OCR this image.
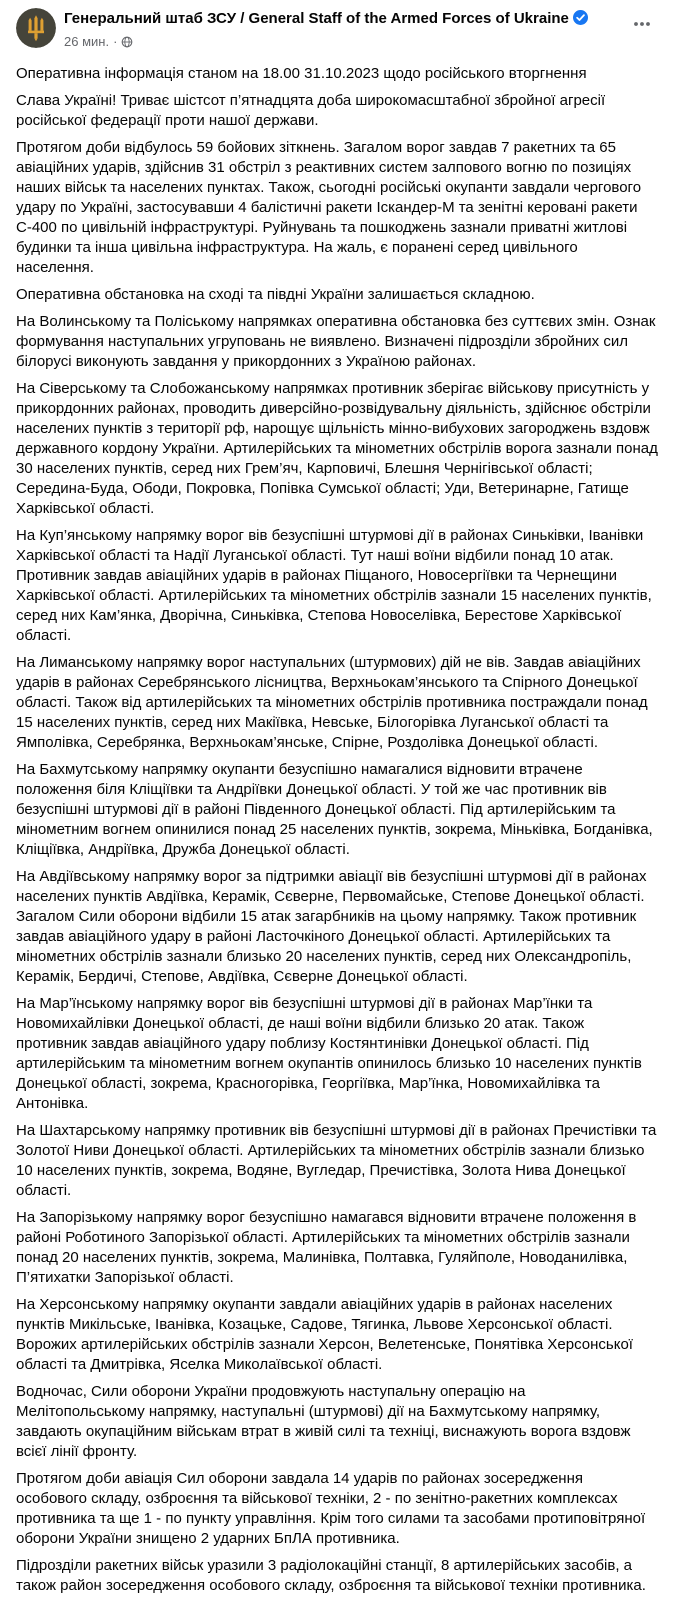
Генеральний штаб ЗСУ / General Staff of the Armed Forces of Ukraine
26 мин. ·

Оперативна інформація станом на 18.00 31.10.2023 щодо російського вторгнення

Слава Україні! Триває шістсот п’ятнадцята доба широкомасштабної збройної агресії російської федерації проти нашої держави.

Протягом доби відбулось 59 бойових зіткнень. Загалом ворог завдав 7 ракетних та 65 авіаційних ударів, здійснив 31 обстріл з реактивних систем залпового вогню по позиціях наших військ та населених пунктах. Також, сьогодні російські окупанти завдали чергового удару по Україні, застосувавши 4 балістичні ракети Іскандер-М та зенітні керовані ракети С-400 по цивільній інфраструктурі. Руйнувань та пошкоджень зазнали приватні житлові будинки та інша цивільна інфраструктура. На жаль, є поранені серед цивільного населення.

Оперативна обстановка на сході та півдні України залишається складною.

На Волинському та Поліському напрямках оперативна обстановка без суттєвих змін. Ознак формування наступальних угруповань не виявлено. Визначені підрозділи збройних сил білорусі виконують завдання у прикордонних з Україною районах.

На Сіверському та Слобожанському напрямках противник зберігає військову присутність у прикордонних районах, проводить диверсійно-розвідувальну діяльність, здійснює обстріли населених пунктів з території рф, нарощує щільність мінно-вибухових загороджень вздовж державного кордону України. Артилерійських та мінометних обстрілів ворога зазнали понад 30 населених пунктів, серед них Грем’яч, Карповичі, Блешня Чернігівської області; Середина-Буда, Ободи, Покровка, Попівка Сумської області; Уди, Ветеринарне, Гатище Харківської області.

На Куп’янському напрямку ворог вів безуспішні штурмові дії в районах Синьківки, Іванівки Харківської області та Надії Луганської області. Тут наші воїни відбили понад 10 атак. Противник завдав авіаційних ударів в районах Піщаного, Новосергіївки та Чернещини Харківської області. Артилерійських та мінометних обстрілів зазнали 15 населених пунктів, серед них Кам’янка, Дворічна, Синьківка, Степова Новоселівка, Берестове Харківської області.

На Лиманському напрямку ворог наступальних (штурмових) дій не вів. Завдав авіаційних ударів в районах Серебрянського лісництва, Верхньокам’янського та Спірного Донецької області. Також від артилерійських та мінометних обстрілів противника постраждали понад 15 населених пунктів, серед них Макіївка, Невське, Білогорівка Луганської області та Ямполівка, Серебрянка, Верхньокам’янське, Спірне, Роздолівка Донецької області.

На Бахмутському напрямку окупанти безуспішно намагалися відновити втрачене положення біля Кліщіївки та Андріївки Донецької області. У той же час противник вів безуспішні штурмові дії в районі Південного Донецької області. Під артилерійським та мінометним вогнем опинилися понад 25 населених пунктів, зокрема, Міньківка, Богданівка, Кліщіївка, Андріївка, Дружба Донецької області.

На Авдіївському напрямку ворог за підтримки авіації вів безуспішні штурмові дії в районах населених пунктів Авдіївка, Керамік, Сєверне, Первомайське, Степове Донецької області. Загалом Сили оборони відбили 15 атак загарбників на цьому напрямку. Також противник завдав авіаційного удару в районі Ласточкіного Донецької області. Артилерійських та мінометних обстрілів зазнали близько 20 населених пунктів, серед них Олександропіль, Керамік, Бердичі, Степове, Авдіївка, Сєверне Донецької області.

На Мар’їнському напрямку ворог вів безуспішні штурмові дії в районах Мар’їнки та Новомихайлівки Донецької області, де наші воїни відбили близько 20 атак. Також противник завдав авіаційного удару поблизу Костянтинівки Донецької області. Під артилерійським та мінометним вогнем окупантів опинилось близько 10 населених пунктів Донецької області, зокрема, Красногорівка, Георгіївка, Мар’їнка, Новомихайлівка та Антонівка.

На Шахтарському напрямку противник вів безуспішні штурмові дії в районах Пречистівки та Золотої Ниви Донецької області. Артилерійських та мінометних обстрілів зазнали близько 10 населених пунктів, зокрема, Водяне, Вугледар, Пречистівка, Золота Нива Донецької області.

На Запорізькому напрямку ворог безуспішно намагався відновити втрачене положення в районі Роботиного Запорізької області. Артилерійських та мінометних обстрілів зазнали понад 20 населених пунктів, зокрема, Малинівка, Полтавка, Гуляйполе, Новоданилівка, П’ятихатки Запорізької області.

На Херсонському напрямку окупанти завдали авіаційних ударів в районах населених пунктів Микільське, Іванівка, Козацьке, Садове, Тягинка, Львове Херсонської області. Ворожих артилерійських обстрілів зазнали Херсон, Велетенське, Понятівка Херсонської області та Дмитрівка, Яселка Миколаївської області.

Водночас, Сили оборони України продовжують наступальну операцію на Мелітопольському напрямку, наступальні (штурмові) дії на Бахмутському напрямку, завдають окупаційним військам втрат в живій силі та техніці, виснажують ворога вздовж всієї лінії фронту.

Протягом доби авіація Сил оборони завдала 14 ударів по районах зосередження особового складу, озброєння та військової техніки, 2 - по зенітно-ракетних комплексах противника та ще 1 - по пункту управління. Крім того силами та засобами протиповітряної оборони України знищено 2 ударних БпЛА противника.

Підрозділи ракетних військ уразили 3 радіолокаційні станції, 8 артилерійських засобів, а також район зосередження особового складу, озброєння та військової техніки противника.
